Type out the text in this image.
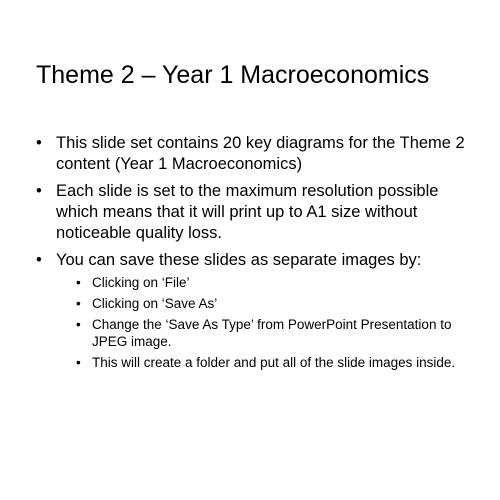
Theme 2 – Year 1 Macroeconomics
• This slide set contains 20 key diagrams for the Theme 2 content (Year 1 Macroeconomics)
• Each slide is set to the maximum resolution possible which means that it will print up to A1 size without noticeable quality loss.
• You can save these slides as separate images by:
• Clicking on ‘File’
• Clicking on ‘Save As’
• Change the ‘Save As Type’ from PowerPoint Presentation to JPEG image.
• This will create a folder and put all of the slide images inside.
